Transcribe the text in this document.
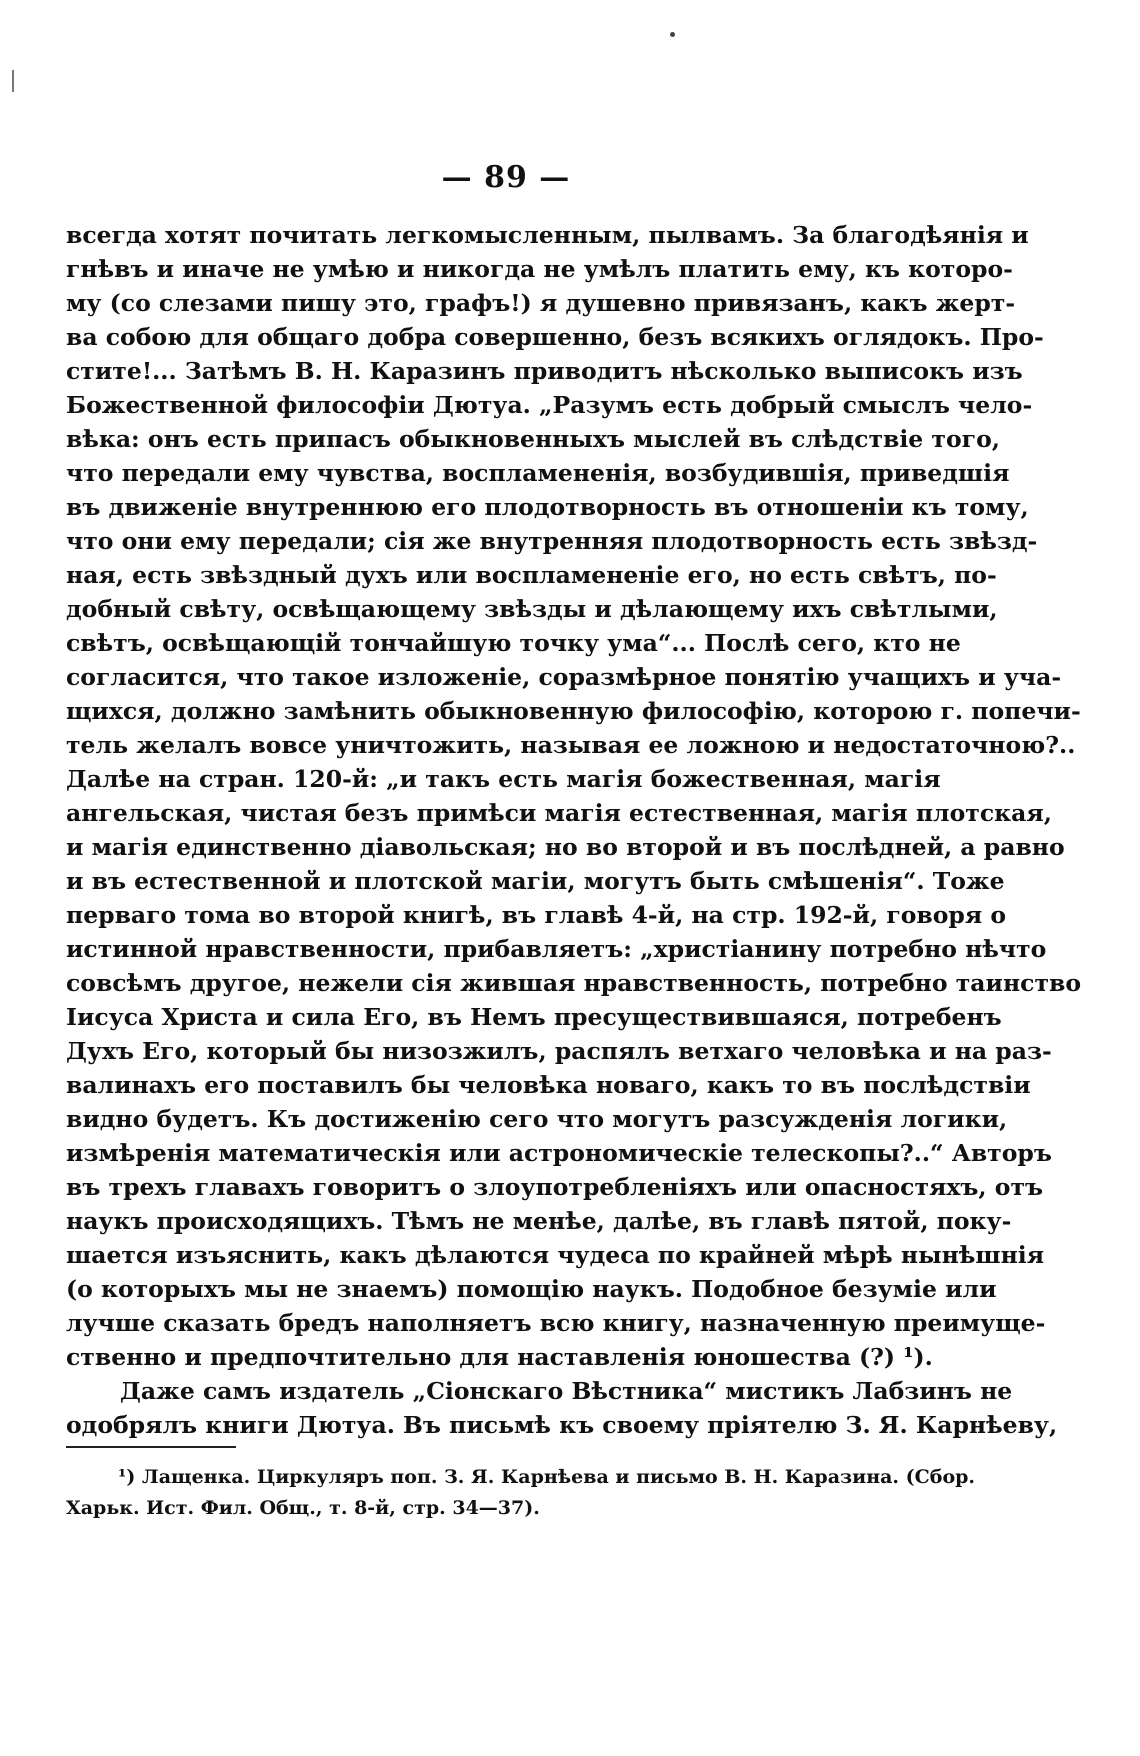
— 89 —
всегда хотят почитать легкомысленным, пылвамъ. За благодѣянія и
гнѣвъ и иначе не умѣю и никогда не умѣлъ платить ему, къ которо-
му (со слезами пишу это, графъ!) я душевно привязанъ, какъ жерт-
ва собою для общаго добра совершенно, безъ всякихъ оглядокъ. Про-
стите!... Затѣмъ В. Н. Каразинъ приводитъ нѣсколько выписокъ изъ
Божественной философіи Дютуа. „Разумъ есть добрый смыслъ чело-
вѣка: онъ есть припасъ обыкновенныхъ мыслей въ слѣдствіе того,
что передали ему чувства, воспламененія, возбудившія, приведшія
въ движеніе внутреннюю его плодотворность въ отношеніи къ тому,
что они ему передали; сія же внутренняя плодотворность есть звѣзд-
ная, есть звѣздный духъ или воспламененіе его, но есть свѣтъ, по-
добный свѣту, освѣщающему звѣзды и дѣлающему ихъ свѣтлыми,
свѣтъ, освѣщающій тончайшую точку ума“... Послѣ сего, кто не
согласится, что такое изложеніе, соразмѣрное понятію учащихъ и уча-
щихся, должно замѣнить обыкновенную философію, которою г. попечи-
тель желалъ вовсе уничтожить, называя ее ложною и недостаточною?..
Далѣе на стран. 120-й: „и такъ есть магія божественная, магія
ангельская, чистая безъ примѣси магія естественная, магія плотская,
и магія единственно діавольская; но во второй и въ послѣдней, а равно
и въ естественной и плотской магіи, могутъ быть смѣшенія“. Тоже
перваго тома во второй книгѣ, въ главѣ 4-й, на стр. 192-й, говоря о
истинной нравственности, прибавляетъ: „христіанину потребно нѣчто
совсѣмъ другое, нежели сія жившая нравственность, потребно таинство
Іисуса Христа и сила Его, въ Немъ пресуществившаяся, потребенъ
Духъ Его, который бы низозжилъ, распялъ ветхаго человѣка и на раз-
валинахъ его поставилъ бы человѣка новаго, какъ то въ послѣдствіи
видно будетъ. Къ достиженію сего что могутъ разсужденія логики,
измѣренія математическія или астрономическіе телескопы?..“ Авторъ
въ трехъ главахъ говоритъ о злоупотребленіяхъ или опасностяхъ, отъ
наукъ происходящихъ. Тѣмъ не менѣе, далѣе, въ главѣ пятой, поку-
шается изъяснить, какъ дѣлаются чудеса по крайней мѣрѣ нынѣшнія
(о которыхъ мы не знаемъ) помощію наукъ. Подобное безуміе или
лучше сказать бредъ наполняетъ всю книгу, назначенную преимуще-
ственно и предпочтительно для наставленія юношества (?) ¹).
Даже самъ издатель „Сіонскаго Вѣстника“ мистикъ Лабзинъ не
одобрялъ книги Дютуа. Въ письмѣ къ своему пріятелю З. Я. Карнѣеву,
¹) Лащенка. Циркуляръ поп. З. Я. Карнѣева и письмо В. Н. Каразина. (Сбор.
Харьк. Ист. Фил. Общ., т. 8-й, стр. 34—37).
